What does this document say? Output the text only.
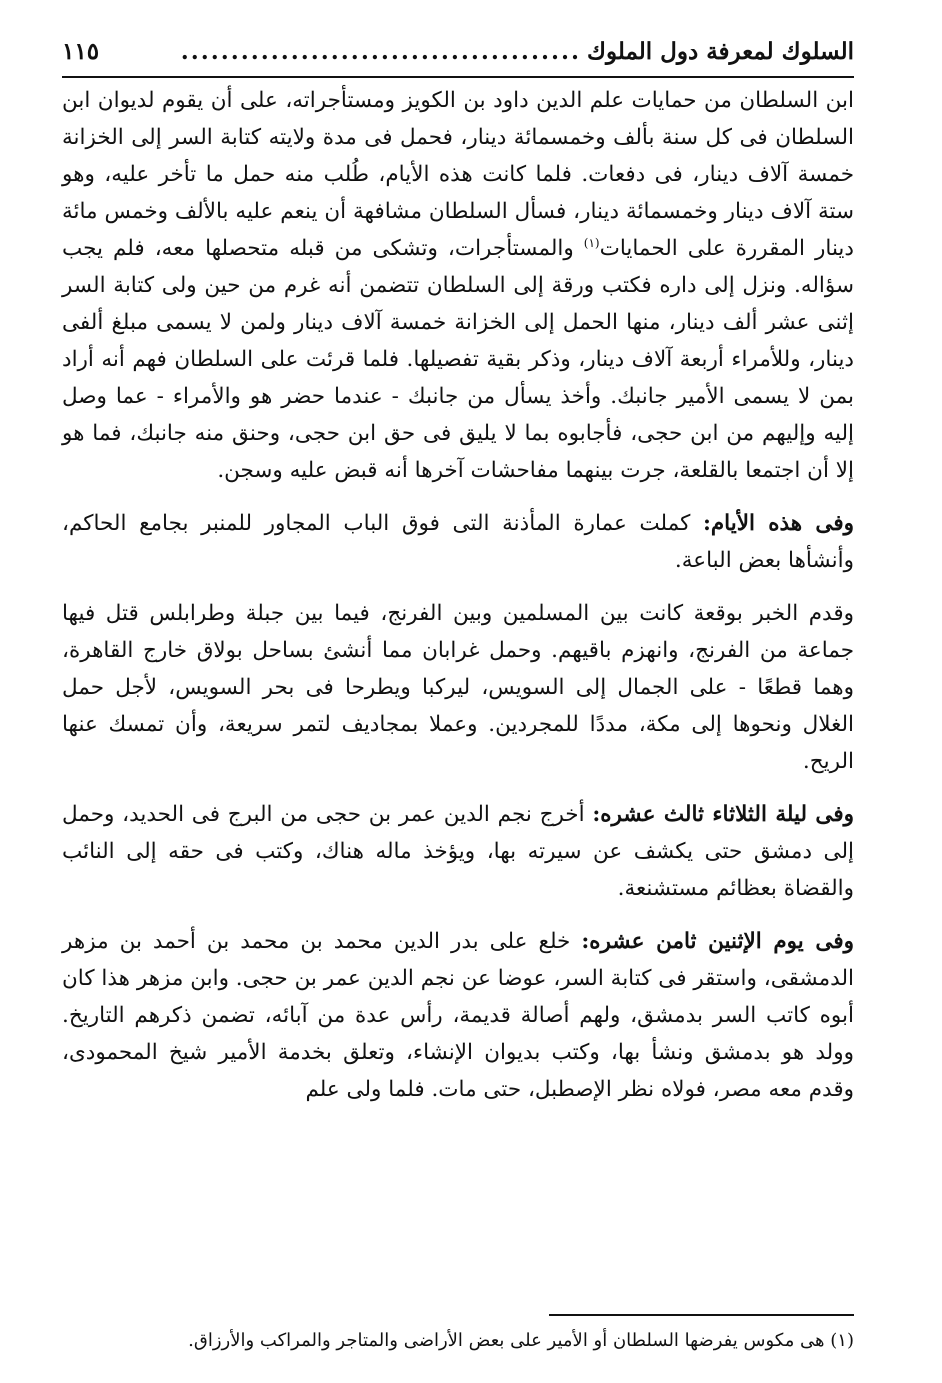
السلوك لمعرفة دول الملوك
........................................
١١٥

ابن السلطان من حمايات علم الدين داود بن الكويز ومستأجراته، على أن يقوم لديوان ابن السلطان فى كل سنة بألف وخمسمائة دينار، فحمل فى مدة ولايته كتابة السر إلى الخزانة خمسة آلاف دينار، فى دفعات. فلما كانت هذه الأيام، طُلب منه حمل ما تأخر عليه، وهو ستة آلاف دينار وخمسمائة دينار، فسأل السلطان مشافهة أن ينعم عليه بالألف وخمس مائة دينار المقررة على الحمايات$^{(١)}$ والمستأجرات، وتشكى من قبله متحصلها معه، فلم يجب سؤاله. ونزل إلى داره فكتب ورقة إلى السلطان تتضمن أنه غرم من حين ولى كتابة السر إثنى عشر ألف دينار، منها الحمل إلى الخزانة خمسة آلاف دينار ولمن لا يسمى مبلغ ألفى دينار، وللأمراء أربعة آلاف دينار، وذكر بقية تفصيلها. فلما قرئت على السلطان فهم أنه أراد بمن لا يسمى الأمير جانبك. وأخذ يسأل من جانبك - عندما حضر هو والأمراء - عما وصل إليه وإليهم من ابن حجى، فأجابوه بما لا يليق فى حق ابن حجى، وحنق منه جانبك، فما هو إلا أن اجتمعا بالقلعة، جرت بينهما مفاحشات آخرها أنه قبض عليه وسجن.

وفى هذه الأيام: كملت عمارة المأذنة التى فوق الباب المجاور للمنبر بجامع الحاكم، وأنشأها بعض الباعة.

وقدم الخبر بوقعة كانت بين المسلمين وبين الفرنج، فيما بين جبلة وطرابلس قتل فيها جماعة من الفرنج، وانهزم باقيهم. وحمل غرابان مما أنشئ بساحل بولاق خارج القاهرة، وهما قطعًا - على الجمال إلى السويس، ليركبا ويطرحا فى بحر السويس، لأجل حمل الغلال ونحوها إلى مكة، مددًا للمجردين. وعملا بمجاديف لتمر سريعة، وأن تمسك عنها الريح.

وفى ليلة الثلاثاء ثالث عشره: أخرج نجم الدين عمر بن حجى من البرج فى الحديد، وحمل إلى دمشق حتى يكشف عن سيرته بها، ويؤخذ ماله هناك، وكتب فى حقه إلى النائب والقضاة بعظائم مستشنعة.

وفى يوم الإثنين ثامن عشره: خلع على بدر الدين محمد بن محمد بن أحمد بن مزهر الدمشقى، واستقر فى كتابة السر، عوضا عن نجم الدين عمر بن حجى. وابن مزهر هذا كان أبوه كاتب السر بدمشق، ولهم أصالة قديمة، رأس عدة من آبائه، تضمن ذكرهم التاريخ. وولد هو بدمشق ونشأ بها، وكتب بديوان الإنشاء، وتعلق بخدمة الأمير شيخ المحمودى، وقدم معه مصر، فولاه نظر الإصطبل، حتى مات. فلما ولى علم

(١) هى مكوس يفرضها السلطان أو الأمير على بعض الأراضى والمتاجر والمراكب والأرزاق.
